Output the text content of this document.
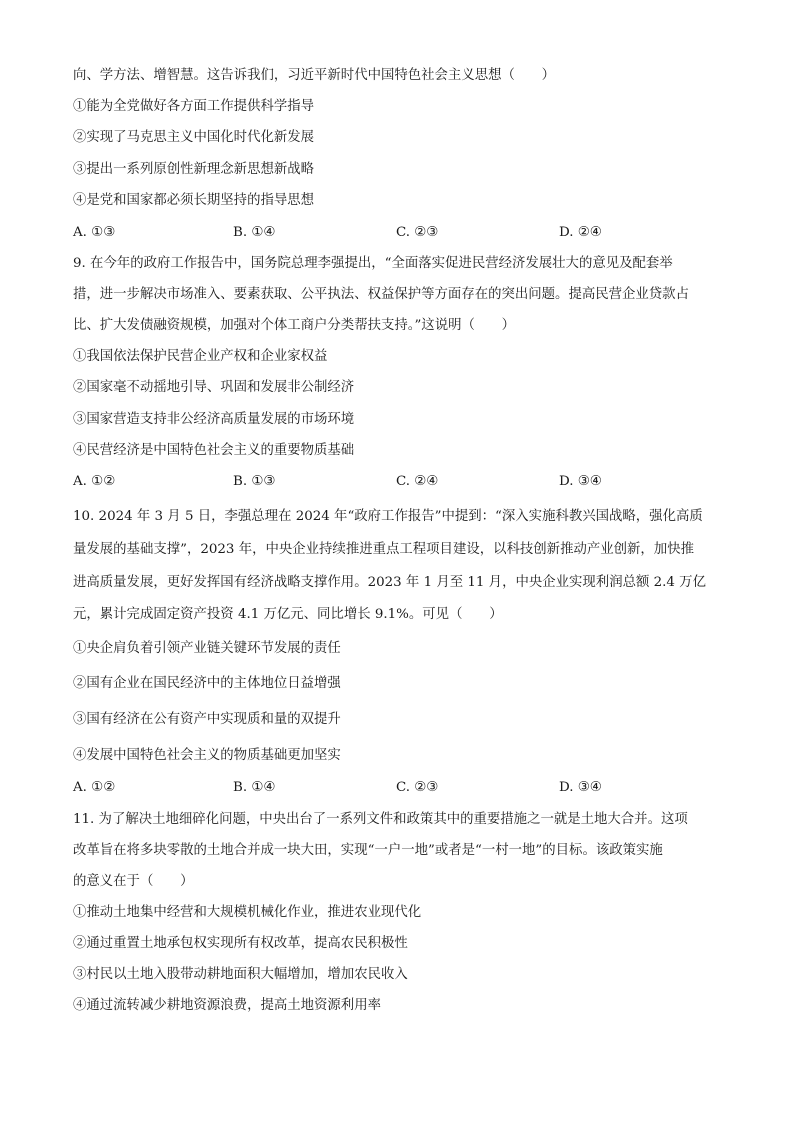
向、学方法、增智慧。这告诉我们，习近平新时代中国特色社会主义思想（　　）
①能为全党做好各方面工作提供科学指导
②实现了马克思主义中国化时代化新发展
③提出一系列原创性新理念新思想新战略
④是党和国家都必须长期坚持的指导思想
A. ①③	B. ①④	C. ②③	D. ②④
9. 在今年的政府工作报告中，国务院总理李强提出，“全面落实促进民营经济发展壮大的意见及配套举
措，进一步解决市场准入、要素获取、公平执法、权益保护等方面存在的突出问题。提高民营企业贷款占
比、扩大发债融资规模，加强对个体工商户分类帮扶支持。”这说明（　　）
①我国依法保护民营企业产权和企业家权益
②国家毫不动摇地引导、巩固和发展非公制经济
③国家营造支持非公经济高质量发展的市场环境
④民营经济是中国特色社会主义的重要物质基础
A. ①②	B. ①③	C. ②④	D. ③④
10. 2024 年 3 月 5 日，李强总理在 2024 年“政府工作报告”中提到：“深入实施科教兴国战略，强化高质
量发展的基础支撑”，2023 年，中央企业持续推进重点工程项目建设，以科技创新推动产业创新，加快推
进高质量发展，更好发挥国有经济战略支撑作用。2023 年 1 月至 11 月，中央企业实现利润总额 2.4 万亿
元，累计完成固定资产投资 4.1 万亿元、同比增长 9.1%。可见（　　）
①央企肩负着引领产业链关键环节发展的责任
②国有企业在国民经济中的主体地位日益增强
③国有经济在公有资产中实现质和量的双提升
④发展中国特色社会主义的物质基础更加坚实
A. ①②	B. ①④	C. ②③	D. ③④
11. 为了解决土地细碎化问题，中央出台了一系列文件和政策其中的重要措施之一就是土地大合并。这项
改革旨在将多块零散的土地合并成一块大田，实现“一户一地”或者是“一村一地”的目标。该政策实施
的意义在于（　　）
①推动土地集中经营和大规模机械化作业，推进农业现代化
②通过重置土地承包权实现所有权改革，提高农民积极性
③村民以土地入股带动耕地面积大幅增加，增加农民收入
④通过流转减少耕地资源浪费，提高土地资源利用率
